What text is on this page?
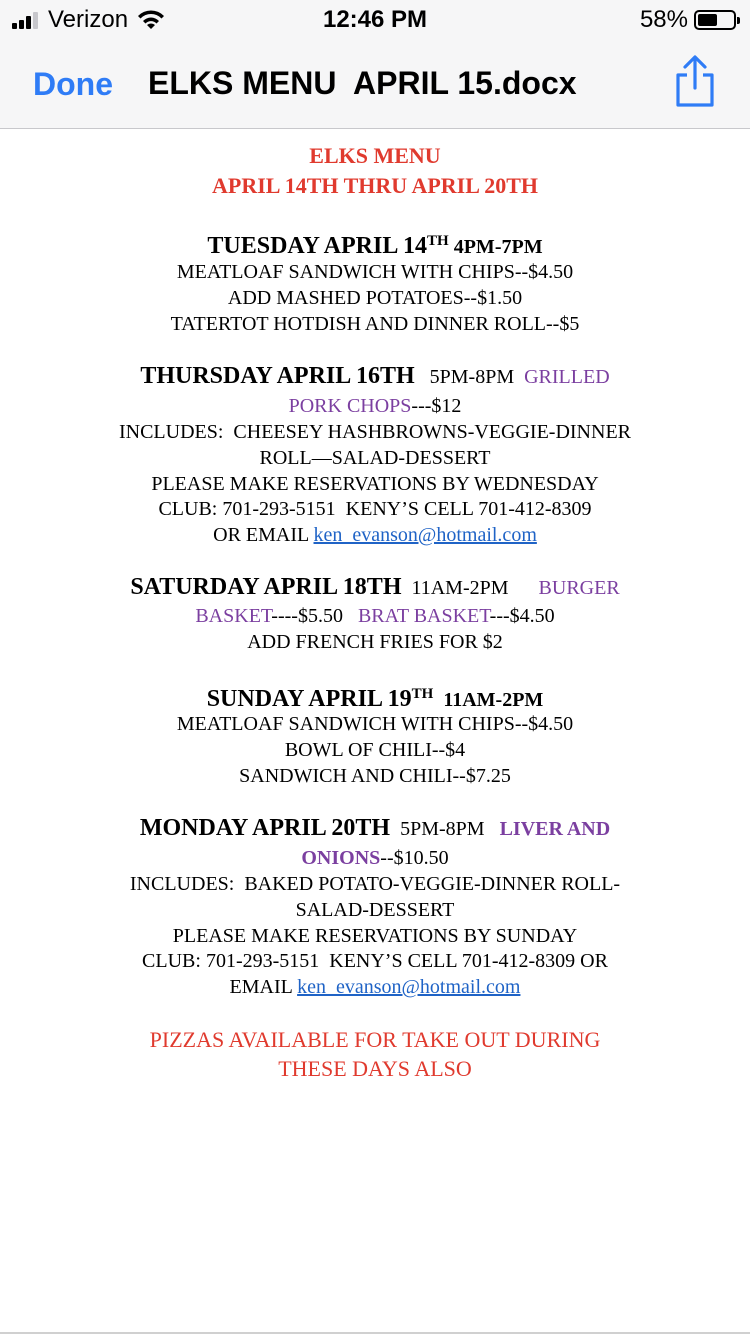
Verizon	12:46 PM	58%
Done ELKS MENU  APRIL 15.docx
ELKS MENU
APRIL 14TH THRU APRIL 20TH
TUESDAY APRIL 14TH 4PM-7PM
MEATLOAF SANDWICH WITH CHIPS--$4.50
ADD MASHED POTATOES--$1.50
TATERTOT HOTDISH AND DINNER ROLL--$5
THURSDAY APRIL 16TH   5PM-8PM  GRILLED
PORK CHOPS---$12
INCLUDES:  CHEESEY HASHBROWNS-VEGGIE-DINNER
ROLL—SALAD-DESSERT
PLEASE MAKE RESERVATIONS BY WEDNESDAY
CLUB: 701-293-5151  KENY’S CELL 701-412-8309
OR EMAIL ken_evanson@hotmail.com
SATURDAY APRIL 18TH  11AM-2PM      BURGER
BASKET----$5.50   BRAT BASKET---$4.50
ADD FRENCH FRIES FOR $2
SUNDAY APRIL 19TH  11AM-2PM
MEATLOAF SANDWICH WITH CHIPS--$4.50
BOWL OF CHILI--$4
SANDWICH AND CHILI--$7.25
MONDAY APRIL 20TH  5PM-8PM   LIVER AND
ONIONS--$10.50
INCLUDES:  BAKED POTATO-VEGGIE-DINNER ROLL-
SALAD-DESSERT
PLEASE MAKE RESERVATIONS BY SUNDAY
CLUB: 701-293-5151  KENY’S CELL 701-412-8309 OR
EMAIL ken_evanson@hotmail.com
PIZZAS AVAILABLE FOR TAKE OUT DURING
THESE DAYS ALSO
